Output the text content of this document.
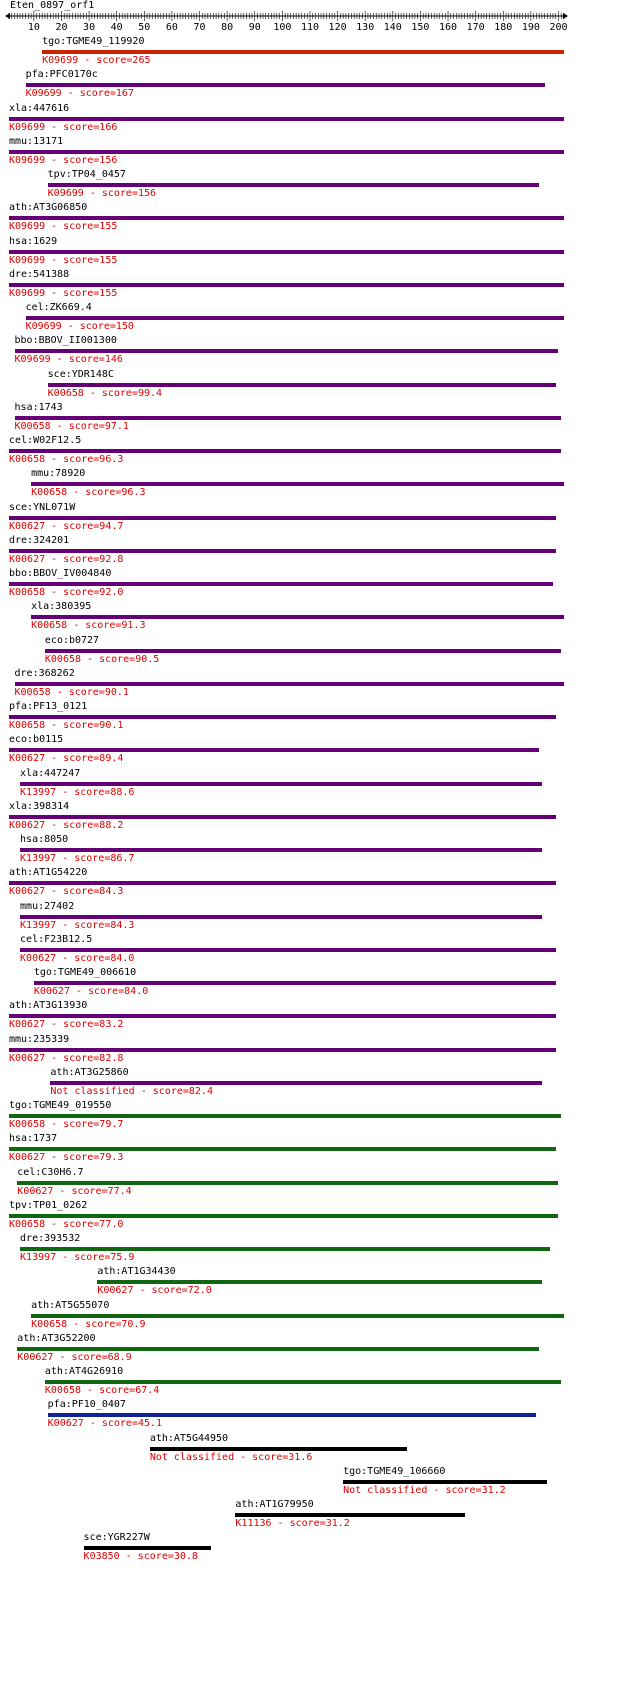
Eten_0897_orf1
10 20 30 40 50 60 70 80 90 100 110 120 130 140 150 160 170 180 190 200
tgo:TGME49_119920
K09699 - score=265
pfa:PFC0170c
K09699 - score=167
xla:447616
K09699 - score=166
mmu:13171
K09699 - score=156
tpv:TP04_0457
K09699 - score=156
ath:AT3G06850
K09699 - score=155
hsa:1629
K09699 - score=155
dre:541388
K09699 - score=155
cel:ZK669.4
K09699 - score=150
bbo:BBOV_II001300
K09699 - score=146
sce:YDR148C
K00658 - score=99.4
hsa:1743
K00658 - score=97.1
cel:W02F12.5
K00658 - score=96.3
mmu:78920
K00658 - score=96.3
sce:YNL071W
K00627 - score=94.7
dre:324201
K00627 - score=92.8
bbo:BBOV_IV004840
K00658 - score=92.0
xla:380395
K00658 - score=91.3
eco:b0727
K00658 - score=90.5
dre:368262
K00658 - score=90.1
pfa:PF13_0121
K00658 - score=90.1
eco:b0115
K00627 - score=89.4
xla:447247
K13997 - score=88.6
xla:398314
K00627 - score=88.2
hsa:8050
K13997 - score=86.7
ath:AT1G54220
K00627 - score=84.3
mmu:27402
K13997 - score=84.3
cel:F23B12.5
K00627 - score=84.0
tgo:TGME49_006610
K00627 - score=84.0
ath:AT3G13930
K00627 - score=83.2
mmu:235339
K00627 - score=82.8
ath:AT3G25860
Not classified - score=82.4
tgo:TGME49_019550
K00658 - score=79.7
hsa:1737
K00627 - score=79.3
cel:C30H6.7
K00627 - score=77.4
tpv:TP01_0262
K00658 - score=77.0
dre:393532
K13997 - score=75.9
ath:AT1G34430
K00627 - score=72.0
ath:AT5G55070
K00658 - score=70.9
ath:AT3G52200
K00627 - score=68.9
ath:AT4G26910
K00658 - score=67.4
pfa:PF10_0407
K00627 - score=45.1
ath:AT5G44950
Not classified - score=31.6
tgo:TGME49_106660
Not classified - score=31.2
ath:AT1G79950
K11136 - score=31.2
sce:YGR227W
K03850 - score=30.8
